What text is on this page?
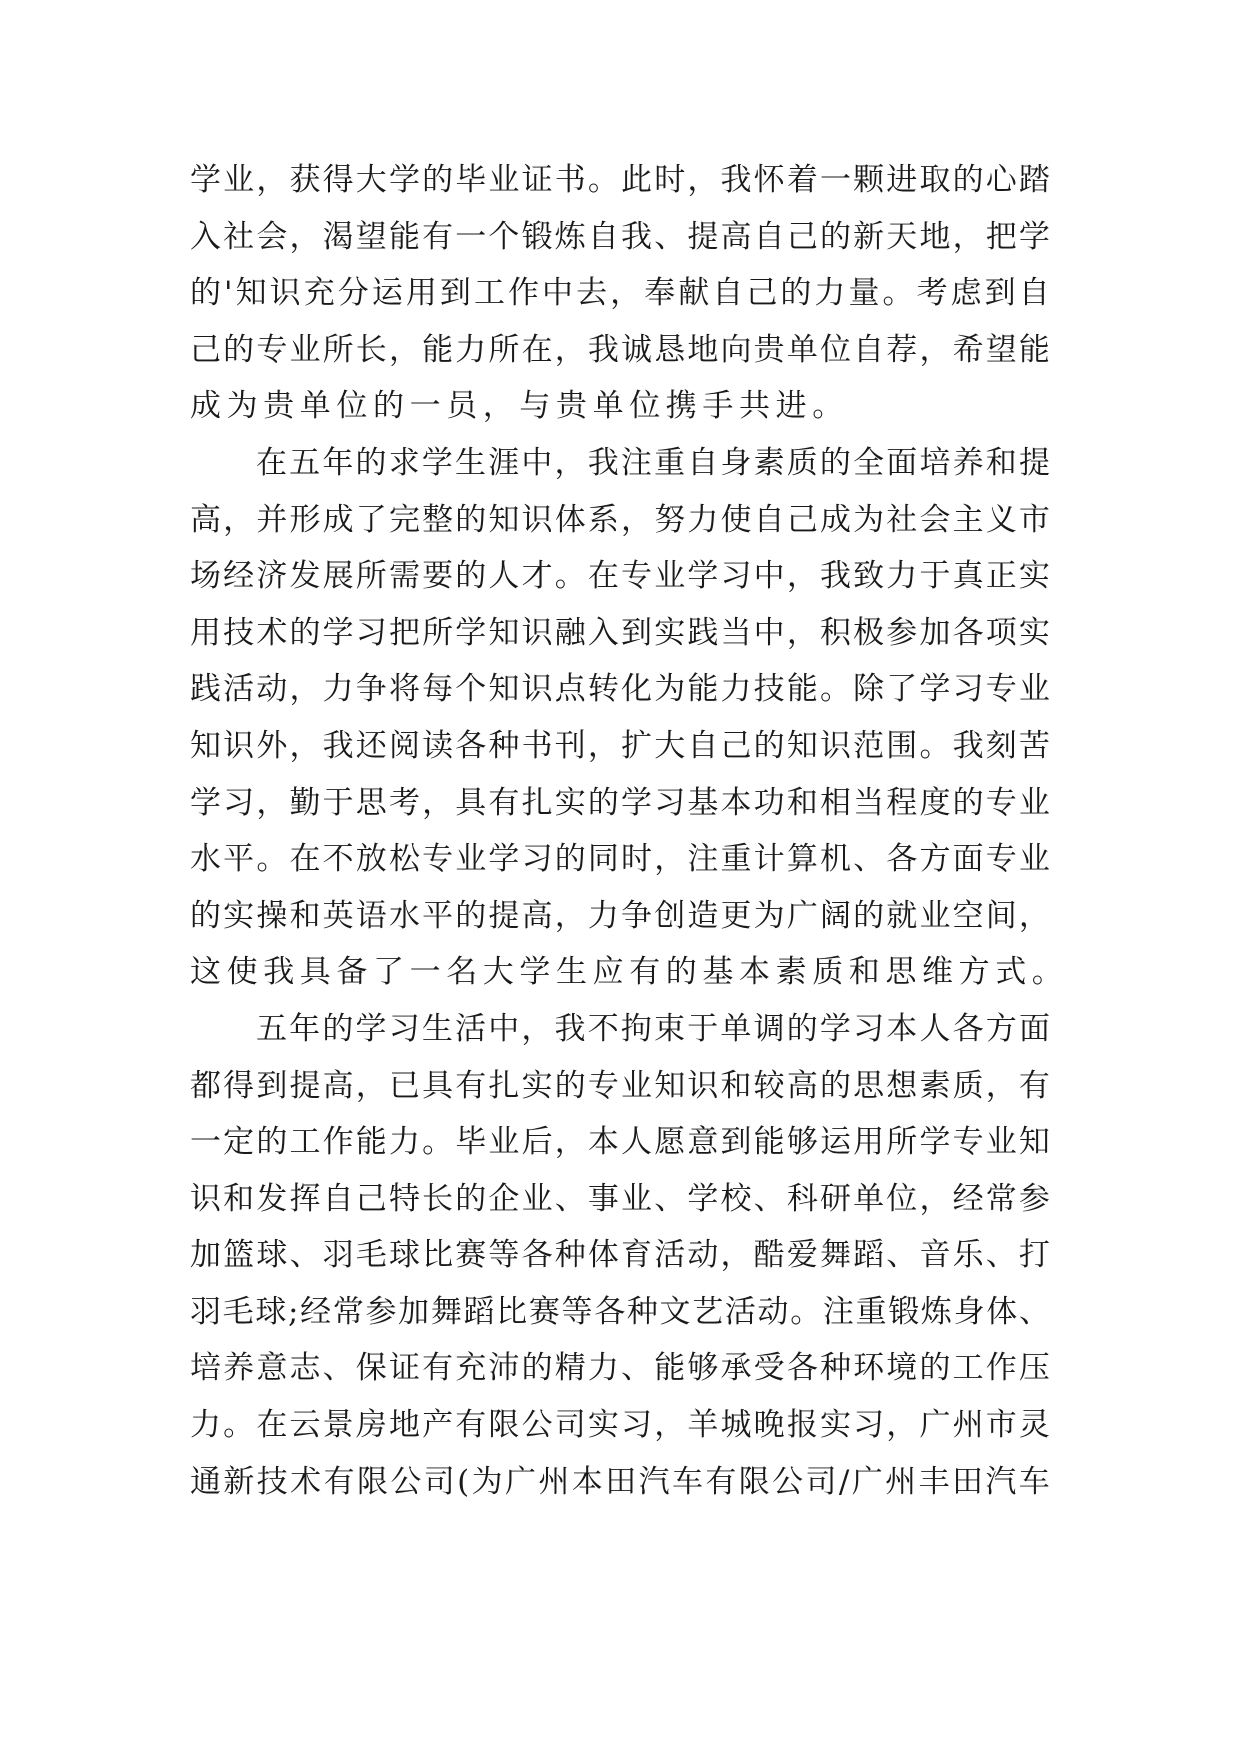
学 业 ， 获 得 大 学 的 毕 业 证 书 。 此 时 ， 我 怀 着 一 颗 进 取 的 心 踏
入 社 会 ， 渴 望 能 有 一 个 锻 炼 自 我 、 提 高 自 己 的 新 天 地 ， 把 学
的 ' 知 识 充 分 运 用 到 工 作 中 去 ， 奉 献 自 己 的 力 量 。 考 虑 到 自
己 的 专 业 所 长 ， 能 力 所 在 ， 我 诚 恳 地 向 贵 单 位 自 荐 ， 希 望 能
成为贵单位的一员，与贵单位携手共进。
在 五 年 的 求 学 生 涯 中 ， 我 注 重 自 身 素 质 的 全 面 培 养 和 提
高 ， 并 形 成 了 完 整 的 知 识 体 系 ， 努 力 使 自 己 成 为 社 会 主 义 市
场 经 济 发 展 所 需 要 的 人 才 。 在 专 业 学 习 中 ， 我 致 力 于 真 正 实
用 技 术 的 学 习 把 所 学 知 识 融 入 到 实 践 当 中 ， 积 极 参 加 各 项 实
践 活 动 ， 力 争 将 每 个 知 识 点 转 化 为 能 力 技 能 。 除 了 学 习 专 业
知 识 外 ， 我 还 阅 读 各 种 书 刊 ， 扩 大 自 己 的 知 识 范 围 。 我 刻 苦
学 习 ， 勤 于 思 考 ， 具 有 扎 实 的 学 习 基 本 功 和 相 当 程 度 的 专 业
水 平 。 在 不 放 松 专 业 学 习 的 同 时 ， 注 重 计 算 机 、 各 方 面 专 业
的 实 操 和 英 语 水 平 的 提 高 ， 力 争 创 造 更 为 广 阔 的 就 业 空 间 ，
这使我具备了一名大学生应有的基本素质和思维方式。
五 年 的 学 习 生 活 中 ， 我 不 拘 束 于 单 调 的 学 习 本 人 各 方 面
都 得 到 提 高 ， 已 具 有 扎 实 的 专 业 知 识 和 较 高 的 思 想 素 质 ， 有
一 定 的 工 作 能 力 。 毕 业 后 ， 本 人 愿 意 到 能 够 运 用 所 学 专 业 知
识 和 发 挥 自 己 特 长 的 企 业 、 事 业 、 学 校 、 科 研 单 位 ， 经 常 参
加 篮 球 、 羽 毛 球 比 赛 等 各 种 体 育 活 动 ， 酷 爱 舞 蹈 、 音 乐 、 打
羽 毛 球 ; 经 常 参 加 舞 蹈 比 赛 等 各 种 文 艺 活 动 。 注 重 锻 炼 身 体 、
培 养 意 志 、 保 证 有 充 沛 的 精 力 、 能 够 承 受 各 种 环 境 的 工 作 压
力 。 在 云 景 房 地 产 有 限 公 司 实 习 ， 羊 城 晚 报 实 习 ， 广 州 市 灵
通 新 技 术 有 限 公 司 ( 为 广 州 本 田 汽 车 有 限 公 司 / 广 州 丰 田 汽 车
